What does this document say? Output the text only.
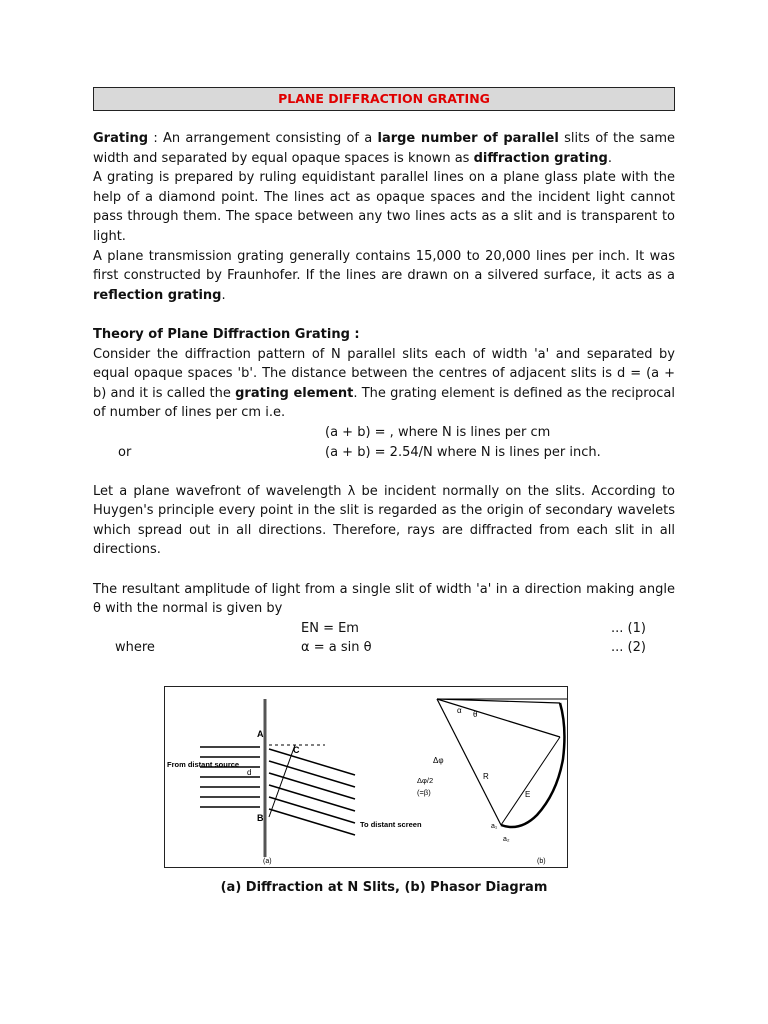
PLANE DIFFRACTION GRATING

Grating : An arrangement consisting of a large number of parallel slits of the same width and separated by equal opaque spaces is known as diffraction grating.

A grating is prepared by ruling equidistant parallel lines on a plane glass plate with the help of a diamond point. The lines act as opaque spaces and the incident light cannot pass through them. The space between any two lines acts as a slit and is transparent to light.

A plane transmission grating generally contains 15,000 to 20,000 lines per inch. It was first constructed by Fraunhofer. If the lines are drawn on a silvered surface, it acts as a reflection grating.

Theory of Plane Diffraction Grating :

Consider the diffraction pattern of N parallel slits each of width 'a' and separated by equal opaque spaces 'b'. The distance between the centres of adjacent slits is d = (a + b) and it is called the grating element. The grating element is defined as the reciprocal of number of lines per cm i.e.

(a + b) = , where N is lines per cm
or	(a + b) = 2.54/N where N is lines per inch.

Let a plane wavefront of wavelength λ be incident normally on the slits. According to Huygen's principle every point in the slit is regarded as the origin of secondary wavelets which spread out in all directions. Therefore, rays are diffracted from each slit in all directions.

The resultant amplitude of light from a single slit of width 'a' in a direction making angle θ with the normal is given by

EN = Em	... (1)
where	α = a sin θ	... (2)
A
B
C
d
From distant source
To distant screen
(a)
α θ
R
Δφ
Δφ/2
(=β)	E
a₁
a₂
(b)
(a) Diffraction at N Slits, (b) Phasor Diagram
